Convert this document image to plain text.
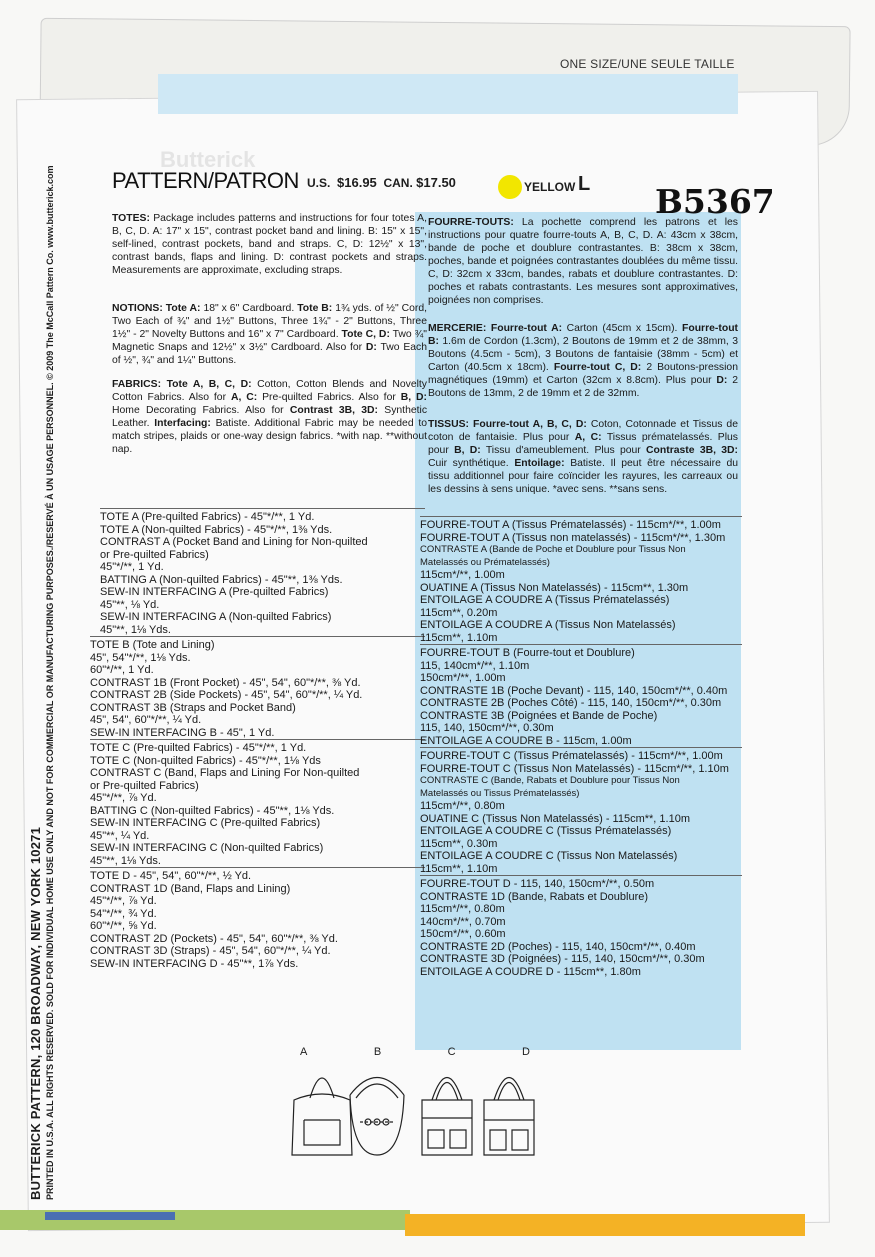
ONE SIZE/UNE SEULE TAILLE
Butterick
PATTERN/PATRON U.S. $16.95 CAN. $17.50	YELLOW L B5367
BUTTERICK PATTERN, 120 BROADWAY, NEW YORK 10271 PRINTED IN U.S.A. ALL RIGHTS RESERVED. SOLD FOR INDIVIDUAL HOME USE ONLY AND NOT FOR COMMERCIAL OR MANUFACTURING PURPOSES./RESERVÉ À UN USAGE PERSONNEL. © 2009 The McCall Pattern Co. www.butterick.com	TOTES: Package includes patterns and instructions for four totes A, B, C, D. A: 17" x 15", contrast pocket band and lining. B: 15" x 15", self-lined, contrast pockets, band and straps. C, D: 12½" x 13", contrast bands, flaps and lining. D: contrast pockets and straps. Measurements are approximate, excluding straps.
NOTIONS: Tote A: 18" x 6" Cardboard. Tote B: 1¾ yds. of ½" Cord, Two Each of ¾" and 1½" Buttons, Three 1¾" - 2" Buttons, Three 1½" - 2" Novelty Buttons and 16" x 7" Cardboard. Tote C, D: Two ¾" Magnetic Snaps and 12½" x 3½" Cardboard. Also for D: Two Each of ½", ¾" and 1¼" Buttons.
FABRICS: Tote A, B, C, D: Cotton, Cotton Blends and Novelty Cotton Fabrics. Also for A, C: Pre-quilted Fabrics. Also for B, D: Home Decorating Fabrics. Also for Contrast 3B, 3D: Synthetic Leather. Interfacing: Batiste. Additional Fabric may be needed to match stripes, plaids or one-way design fabrics. *with nap. **without nap.
FOURRE-TOUTS: La pochette comprend les patrons et les instructions pour quatre fourre-touts A, B, C, D. A: 43cm x 38cm, bande de poche et doublure contrastantes. B: 38cm x 38cm, poches, bande et poignées contrastantes doublées du même tissu. C, D: 32cm x 33cm, bandes, rabats et doublure contrastantes. D: poches et rabats contrastants. Les mesures sont approximatives, poignées non comprises.
MERCERIE: Fourre-tout A: Carton (45cm x 15cm). Fourre-tout B: 1.6m de Cordon (1.3cm), 2 Boutons de 19mm et 2 de 38mm, 3 Boutons (4.5cm - 5cm), 3 Boutons de fantaisie (38mm - 5cm) et Carton (40.5cm x 18cm). Fourre-tout C, D: 2 Boutons-pression magnétiques (19mm) et Carton (32cm x 8.8cm). Plus pour D: 2 Boutons de 13mm, 2 de 19mm et 2 de 32mm.
TISSUS: Fourre-tout A, B, C, D: Coton, Cotonnade et Tissus de coton de fantaisie. Plus pour A, C: Tissus prématelassés. Plus pour B, D: Tissu d'ameublement. Plus pour Contraste 3B, 3D: Cuir synthétique. Entoilage: Batiste. Il peut être nécessaire du tissu additionnel pour faire coïncider les rayures, les carreaux ou les dessins à sens unique. *avec sens. **sans sens.
TOTE A (Pre-quilted Fabrics) - 45"*/**, 1 Yd.
TOTE A (Non-quilted Fabrics) - 45"*/**, 1⅜ Yds.
CONTRAST A (Pocket Band and Lining for Non-quilted
or Pre-quilted Fabrics)
45"*/**, 1 Yd.
BATTING A (Non-quilted Fabrics) - 45"**, 1⅜ Yds.
SEW-IN INTERFACING A (Pre-quilted Fabrics)
45"**, ⅛ Yd.
SEW-IN INTERFACING A (Non-quilted Fabrics)
45"**, 1⅛ Yds.
TOTE B (Tote and Lining)
45", 54"*/**, 1⅛ Yds.
60"*/**, 1 Yd.
CONTRAST 1B (Front Pocket) - 45", 54", 60"*/**, ⅜ Yd.
CONTRAST 2B (Side Pockets) - 45", 54", 60"*/**, ¼ Yd.
CONTRAST 3B (Straps and Pocket Band)
45", 54", 60"*/**, ¼ Yd.
SEW-IN INTERFACING B - 45", 1 Yd.
TOTE C (Pre-quilted Fabrics) - 45"*/**, 1 Yd.
TOTE C (Non-quilted Fabrics) - 45"*/**, 1⅛ Yds
CONTRAST C (Band, Flaps and Lining For Non-quilted
or Pre-quilted Fabrics)
45"*/**, ⅞ Yd.
BATTING C (Non-quilted Fabrics) - 45"**, 1⅛ Yds.
SEW-IN INTERFACING C (Pre-quilted Fabrics)
45"**, ¼ Yd.
SEW-IN INTERFACING C (Non-quilted Fabrics)
45"**, 1⅛ Yds.
TOTE D - 45", 54", 60"*/**, ½ Yd.
CONTRAST 1D (Band, Flaps and Lining)
45"*/**, ⅞ Yd.
54"*/**, ¾ Yd.
60"*/**, ⅝ Yd.
CONTRAST 2D (Pockets) - 45", 54", 60"*/**, ⅜ Yd.
CONTRAST 3D (Straps) - 45", 54", 60"*/**, ¼ Yd.
SEW-IN INTERFACING D - 45"**, 1⅞ Yds.
FOURRE-TOUT A (Tissus Prématelassés) - 115cm*/**, 1.00m
FOURRE-TOUT A (Tissus non matelassés) - 115cm*/**, 1.30m
CONTRASTE A (Bande de Poche et Doublure pour Tissus Non
Matelassés ou Prématelassés)
115cm*/**, 1.00m
OUATINE A (Tissus Non Matelassés) - 115cm**, 1.30m
ENTOILAGE A COUDRE A (Tissus Prématelassés)
115cm**, 0.20m
ENTOILAGE A COUDRE A (Tissus Non Matelassés)
115cm**, 1.10m
FOURRE-TOUT B (Fourre-tout et Doublure)
115, 140cm*/**, 1.10m
150cm*/**, 1.00m
CONTRASTE 1B (Poche Devant) - 115, 140, 150cm*/**, 0.40m
CONTRASTE 2B (Poches Côté) - 115, 140, 150cm*/**, 0.30m
CONTRASTE 3B (Poignées et Bande de Poche)
115, 140, 150cm*/**, 0.30m
ENTOILAGE A COUDRE B - 115cm, 1.00m
FOURRE-TOUT C (Tissus Prématelassés) - 115cm*/**, 1.00m
FOURRE-TOUT C (Tissus Non Matelassés) - 115cm*/**, 1.10m
CONTRASTE C (Bande, Rabats et Doublure pour Tissus Non
Matelassés ou Tissus Prématelassés)
115cm*/**, 0.80m
OUATINE C (Tissus Non Matelassés) - 115cm**, 1.10m
ENTOILAGE A COUDRE C (Tissus Prématelassés)
115cm**, 0.30m
ENTOILAGE A COUDRE C (Tissus Non Matelassés)
115cm**, 1.10m
FOURRE-TOUT D - 115, 140, 150cm*/**, 0.50m
CONTRASTE 1D (Bande, Rabats et Doublure)
115cm*/**, 0.80m
140cm*/**, 0.70m
150cm*/**, 0.60m
CONTRASTE 2D (Poches) - 115, 140, 150cm*/**, 0.40m
CONTRASTE 3D (Poignées) - 115, 140, 150cm*/**, 0.30m
ENTOILAGE A COUDRE D - 115cm**, 1.80m
A	B	C	D
